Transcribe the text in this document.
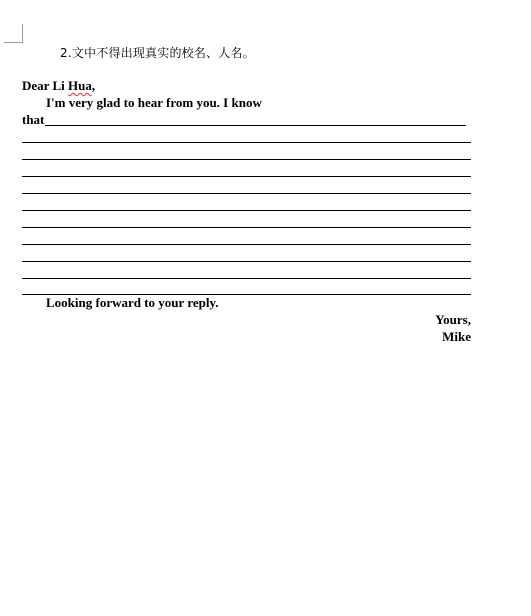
2.文中不得出现真实的校名、人名。
Dear Li Hua,
I'm very glad to hear from you. I know
that
Looking forward to your reply.
Yours,
Mike
